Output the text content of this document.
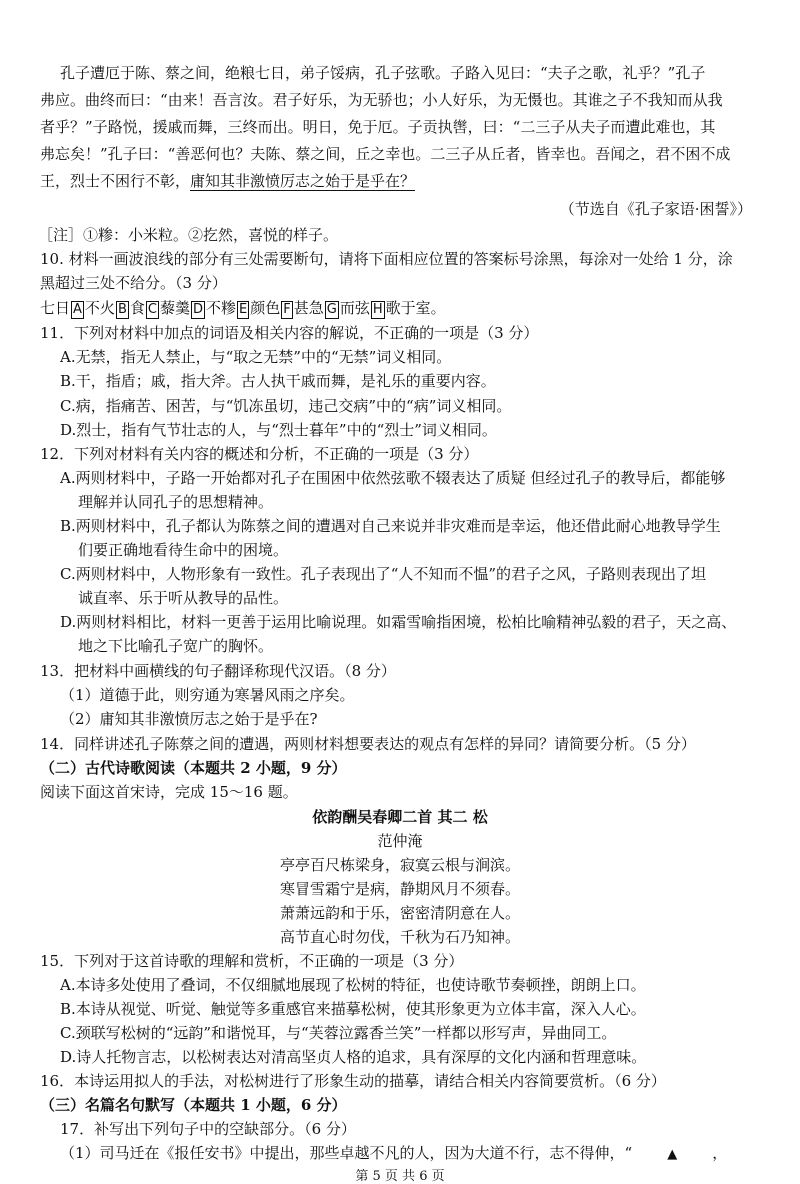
孔子遭厄于陈、蔡之间，绝粮七日，弟子馁病，孔子弦歌。子路入见曰：“夫子之歌，礼乎？”孔子
弗应。曲终而曰：“由来！吾言汝。君子好乐，为无骄也；小人好乐，为无慑也。其谁之子不我知而从我
者乎？”子路悦，援戚而舞，三终而出。明日，免于厄。子贡执辔，曰：“二三子从夫子而遭此难也，其
弗忘矣！”孔子曰：“善恶何也？夫陈、蔡之间，丘之幸也。二三子从丘者，皆幸也。吾闻之，君不困不成
王，烈士不困行不彰，庸知其非激愤厉志之始于是乎在？
（节选自《孔子家语·困誓》）
［注］①糁：小米粒。②扢然，喜悦的样子。
10. 材料一画波浪线的部分有三处需要断句，请将下面相应位置的答案标号涂黑，每涂对一处给 1 分，涂
黑超过三处不给分。（3 分）
七日 A 不火 B 食 C 藜羹 D 不糁 E 颜色 F 甚急 G 而弦 H 歌于室。
11．下列对材料中加点的词语及相关内容的解说，不正确的一项是（3 分）
A.无禁，指无人禁止，与“取之无禁”中的“无禁”词义相同。
B.干，指盾；戚，指大斧。古人执干戚而舞，是礼乐的重要内容。
C.病，指痛苦、困苦，与“饥冻虽切，违己交病”中的“病”词义相同。
D.烈士，指有气节壮志的人，与“烈士暮年”中的“烈士”词义相同。
12．下列对材料有关内容的概述和分析，不正确的一项是（3 分）
A.两则材料中，子路一开始都对孔子在围困中依然弦歌不辍表达了质疑 但经过孔子的教导后，都能够
理解并认同孔子的思想精神。
B.两则材料中，孔子都认为陈蔡之间的遭遇对自己来说并非灾难而是幸运，他还借此耐心地教导学生
们要正确地看待生命中的困境。
C.两则材料中，人物形象有一致性。孔子表现出了“人不知而不愠”的君子之风，子路则表现出了坦
诚直率、乐于听从教导的品性。
D.两则材料相比，材料一更善于运用比喻说理。如霜雪喻指困境，松柏比喻精神弘毅的君子，天之高、
地之下比喻孔子宽广的胸怀。
13．把材料中画横线的句子翻译称现代汉语。（8 分）
（1）道德于此，则穷通为寒暑风雨之序矣。
（2）庸知其非激愤厉志之始于是乎在?
14．同样讲述孔子陈蔡之间的遭遇，两则材料想要表达的观点有怎样的异同？请简要分析。（5 分）
（二）古代诗歌阅读（本题共 2 小题，9 分）
阅读下面这首宋诗，完成 15～16 题。
依韵酬吴春卿二首 其二 松
范仲淹
亭亭百尺栋梁身，寂寞云根与涧滨。
寒冒雪霜宁是病，静期风月不须春。
萧萧远韵和于乐，密密清阴意在人。
高节直心时勿伐，千秋为石乃知神。
15．下列对于这首诗歌的理解和赏析，不正确的一项是（3 分）
A.本诗多处使用了叠词，不仅细腻地展现了松树的特征，也使诗歌节奏顿挫，朗朗上口。
B.本诗从视觉、听觉、触觉等多重感官来描摹松树，使其形象更为立体丰富，深入人心。
C.颈联写松树的“远韵”和谐悦耳，与“芙蓉泣露香兰笑”一样都以形写声，异曲同工。
D.诗人托物言志，以松树表达对清高坚贞人格的追求，具有深厚的文化内涵和哲理意味。
16．本诗运用拟人的手法，对松树进行了形象生动的描摹，请结合相关内容简要赏析。（6 分）
（三）名篇名句默写（本题共 1 小题，6 分）
17．补写出下列句子中的空缺部分。（6 分）
（1）司马迁在《报任安书》中提出，那些卓越不凡的人，因为大道不行，志不得伸，“	▲ ，
第 5 页 共 6 页
